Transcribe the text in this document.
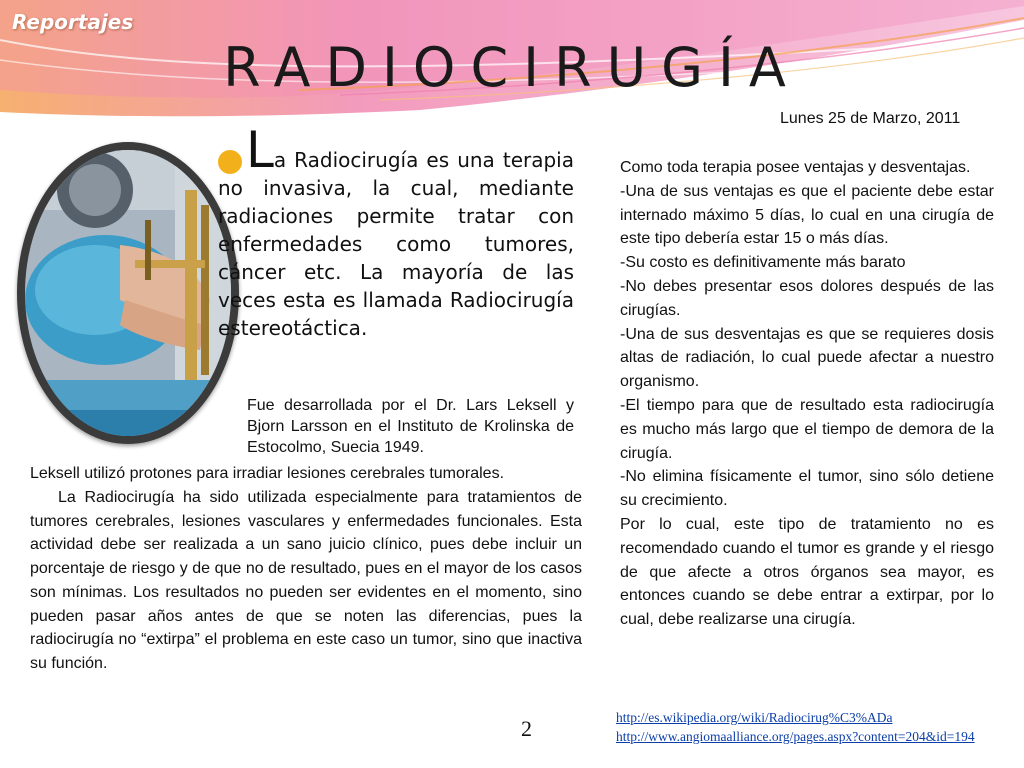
Reportajes
RADIOCIRUGÍA
Lunes 25 de Marzo, 2011
La Radiocirugía es una terapia no invasiva, la cual, mediante radiaciones permite tratar con enfermedades como tumores, cáncer etc. La mayoría de las veces esta es llamada Radiocirugía estereotáctica.
Fue desarrollada por el Dr. Lars Leksell y Bjorn Larsson en el Instituto de Krolinska de Estocolmo, Suecia 1949.
Leksell utilizó protones para irradiar lesiones cerebrales tumorales.

La Radiocirugía ha sido utilizada especialmente para tratamientos de tumores cerebrales, lesiones vasculares y enfermedades funcionales. Esta actividad debe ser realizada a un sano juicio clínico, pues debe incluir un porcentaje de riesgo y de que no de resultado, pues en el mayor de los casos son mínimas. Los resultados no pueden ser evidentes en el momento, sino pueden pasar años antes de que se noten las diferencias, pues la radiocirugía no “extirpa” el problema en este caso un tumor, sino que inactiva su función.

Como toda terapia posee ventajas y desventajas.

-Una de sus ventajas es que el paciente debe estar internado máximo 5 días, lo cual en una cirugía de este tipo debería estar 15 o más días.

-Su costo es definitivamente más barato

-No debes presentar esos dolores después de las cirugías.

-Una de sus desventajas es que se requieres dosis altas de radiación, lo cual puede afectar a nuestro organismo.

-El tiempo para que de resultado esta radiocirugía es mucho más largo que el tiempo de demora de la cirugía.

-No elimina físicamente el tumor, sino sólo detiene su crecimiento.

Por lo cual, este tipo de tratamiento no es recomendado cuando el tumor es grande y el riesgo de que afecte a otros órganos sea mayor, es entonces cuando se debe entrar a extirpar, por lo cual, debe realizarse una cirugía.

2	http://es.wikipedia.org/wiki/Radiocirug%C3%ADa
http://www.angiomaalliance.org/pages.aspx?content=204&id=194
